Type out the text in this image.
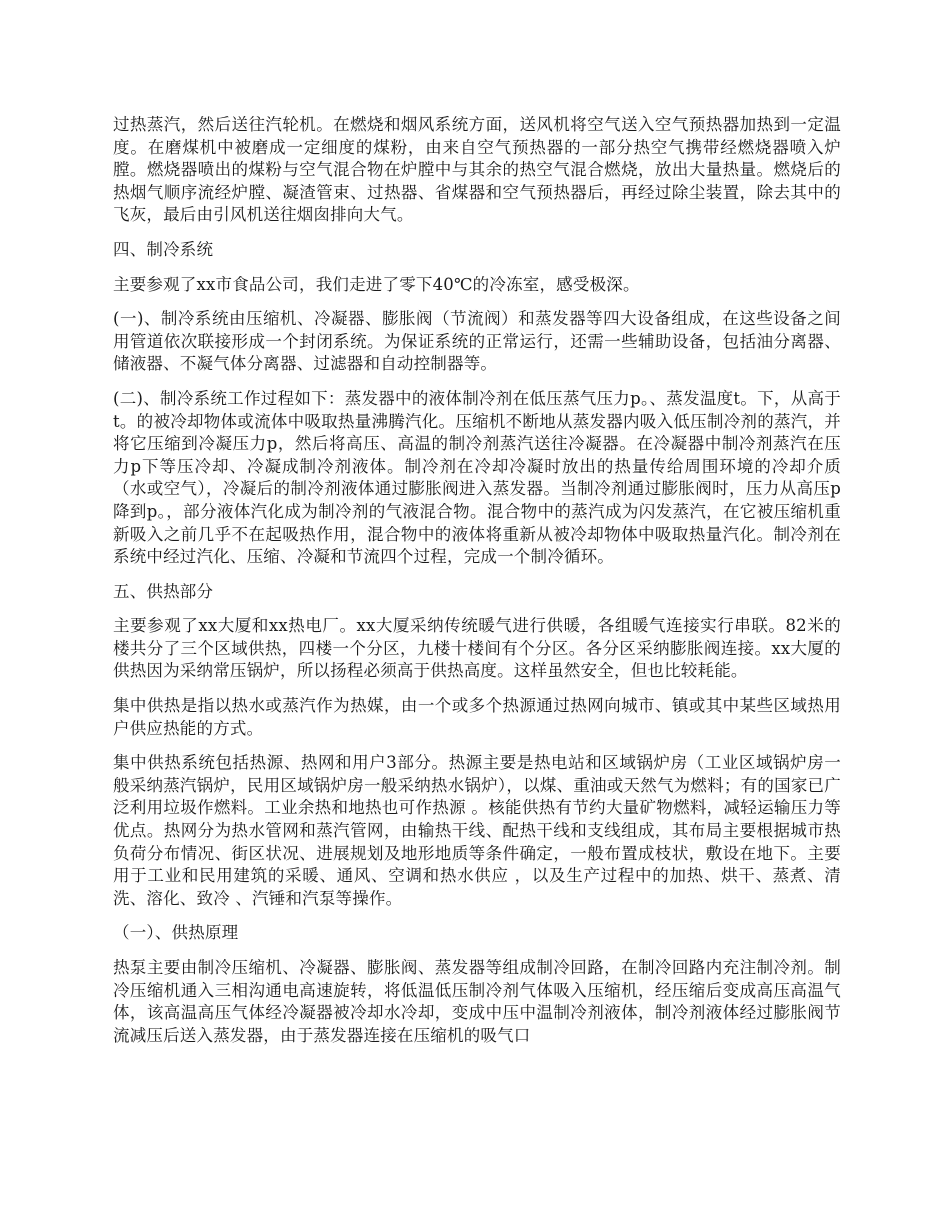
过热蒸汽，然后送往汽轮机。在燃烧和烟风系统方面，送风机将空气送入空气预热器加热到一定温度。在磨煤机中被磨成一定细度的煤粉，由来自空气预热器的一部分热空气携带经燃烧器喷入炉膛。燃烧器喷出的煤粉与空气混合物在炉膛中与其余的热空气混合燃烧，放出大量热量。燃烧后的热烟气顺序流经炉膛、凝渣管束、过热器、省煤器和空气预热器后，再经过除尘装置，除去其中的飞灰，最后由引风机送往烟囱排向大气。

四、制冷系统

主要参观了xx市食品公司，我们走进了零下40℃的冷冻室，感受极深。

(一)、制冷系统由压缩机、冷凝器、膨胀阀（节流阀）和蒸发器等四大设备组成，在这些设备之间用管道依次联接形成一个封闭系统。为保证系统的正常运行，还需一些辅助设备，包括油分离器、储液器、不凝气体分离器、过滤器和自动控制器等。

(二)、制冷系统工作过程如下：蒸发器中的液体制冷剂在低压蒸气压力p。、蒸发温度t。下，从高于t。的被冷却物体或流体中吸取热量沸腾汽化。压缩机不断地从蒸发器内吸入低压制冷剂的蒸汽，并将它压缩到冷凝压力p，然后将高压、高温的制冷剂蒸汽送往冷凝器。在冷凝器中制冷剂蒸汽在压力p下等压冷却、冷凝成制冷剂液体。制冷剂在冷却冷凝时放出的热量传给周围环境的冷却介质（水或空气），冷凝后的制冷剂液体通过膨胀阀进入蒸发器。当制冷剂通过膨胀阀时，压力从高压p降到p。，部分液体汽化成为制冷剂的气液混合物。混合物中的蒸汽成为闪发蒸汽，在它被压缩机重新吸入之前几乎不在起吸热作用，混合物中的液体将重新从被冷却物体中吸取热量汽化。制冷剂在系统中经过汽化、压缩、冷凝和节流四个过程，完成一个制冷循环。

五、供热部分

主要参观了xx大厦和xx热电厂。xx大厦采纳传统暖气进行供暖，各组暖气连接实行串联。82米的楼共分了三个区域供热，四楼一个分区，九楼十楼间有个分区。各分区采纳膨胀阀连接。xx大厦的供热因为采纳常压锅炉，所以扬程必须高于供热高度。这样虽然安全，但也比较耗能。

集中供热是指以热水或蒸汽作为热媒，由一个或多个热源通过热网向城市、镇或其中某些区域热用户供应热能的方式。

集中供热系统包括热源、热网和用户3部分。热源主要是热电站和区域锅炉房（工业区域锅炉房一般采纳蒸汽锅炉，民用区域锅炉房一般采纳热水锅炉），以煤、重油或天然气为燃料；有的国家已广泛利用垃圾作燃料。工业余热和地热也可作热源 。核能供热有节约大量矿物燃料，减轻运输压力等优点。热网分为热水管网和蒸汽管网，由输热干线、配热干线和支线组成，其布局主要根据城市热负荷分布情况、街区状况、进展规划及地形地质等条件确定，一般布置成枝状，敷设在地下。主要用于工业和民用建筑的采暖、通风、空调和热水供应 ，以及生产过程中的加热、烘干、蒸煮、清洗、溶化、致冷 、汽锤和汽泵等操作。

（一）、供热原理

热泵主要由制冷压缩机、冷凝器、膨胀阀、蒸发器等组成制冷回路，在制冷回路内充注制冷剂。制冷压缩机通入三相沟通电高速旋转，将低温低压制冷剂气体吸入压缩机，经压缩后变成高压高温气体，该高温高压气体经冷凝器被冷却水冷却，变成中压中温制冷剂液体，制冷剂液体经过膨胀阀节流减压后送入蒸发器，由于蒸发器连接在压缩机的吸气口
